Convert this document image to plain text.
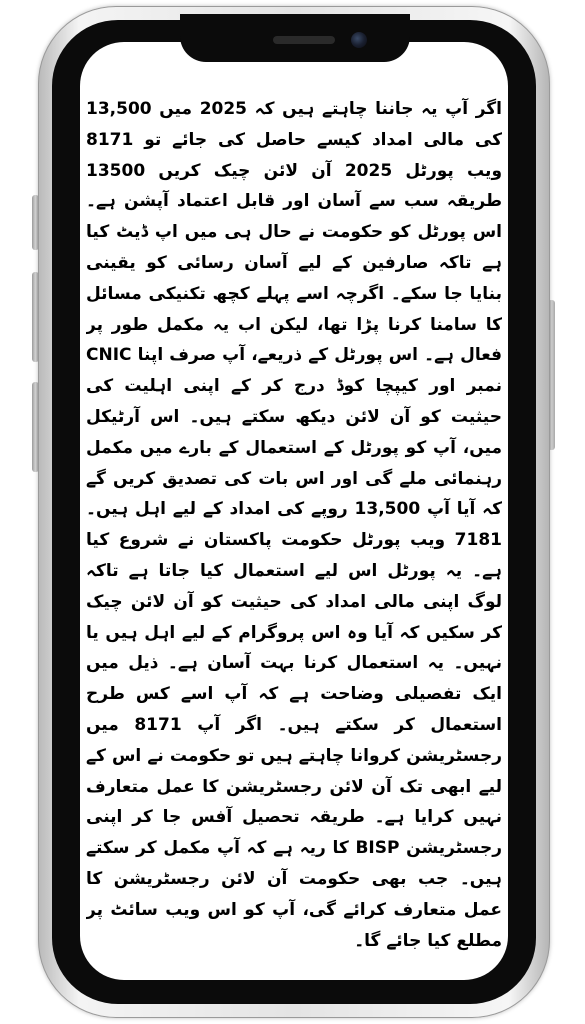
اگر آپ یہ جاننا چاہتے ہیں کہ 2025 میں 13,500 کی مالی امداد کیسے حاصل کی جائے تو 8171 ویب پورٹل 2025 آن لائن چیک کریں 13500 طریقہ سب سے آسان اور قابل اعتماد آپشن ہے۔ اس پورٹل کو حکومت نے حال ہی میں اپ ڈیٹ کیا ہے تاکہ صارفین کے لیے آسان رسائی کو یقینی بنایا جا سکے۔ اگرچہ اسے پہلے کچھ تکنیکی مسائل کا سامنا کرنا پڑا تھا، لیکن اب یہ مکمل طور پر فعال ہے۔ اس پورٹل کے ذریعے، آپ صرف اپنا CNIC نمبر اور کیپچا کوڈ درج کر کے اپنی اہلیت کی حیثیت کو آن لائن دیکھ سکتے ہیں۔ اس آرٹیکل میں، آپ کو پورٹل کے استعمال کے بارے میں مکمل رہنمائی ملے گی اور اس بات کی تصدیق کریں گے کہ آیا آپ 13,500 روپے کی امداد کے لیے اہل ہیں۔ 7181 ویب پورٹل حکومت پاکستان نے شروع کیا ہے۔ یہ پورٹل اس لیے استعمال کیا جاتا ہے تاکہ لوگ اپنی مالی امداد کی حیثیت کو آن لائن چیک کر سکیں کہ آیا وہ اس پروگرام کے لیے اہل ہیں یا نہیں۔ یہ استعمال کرنا بہت آسان ہے۔ ذیل میں ایک تفصیلی وضاحت ہے کہ آپ اسے کس طرح استعمال کر سکتے ہیں۔ اگر آپ 8171 میں رجسٹریشن کروانا چاہتے ہیں تو حکومت نے اس کے لیے ابھی تک آن لائن رجسٹریشن کا عمل متعارف نہیں کرایا ہے۔ طریقہ تحصیل آفس جا کر اپنی رجسٹریشن BISP کا ریہ ہے کہ آپ مکمل کر سکتے ہیں۔ جب بھی حکومت آن لائن رجسٹریشن کا عمل متعارف کرائے گی، آپ کو اس ویب سائٹ پر مطلع کیا جائے گا۔
